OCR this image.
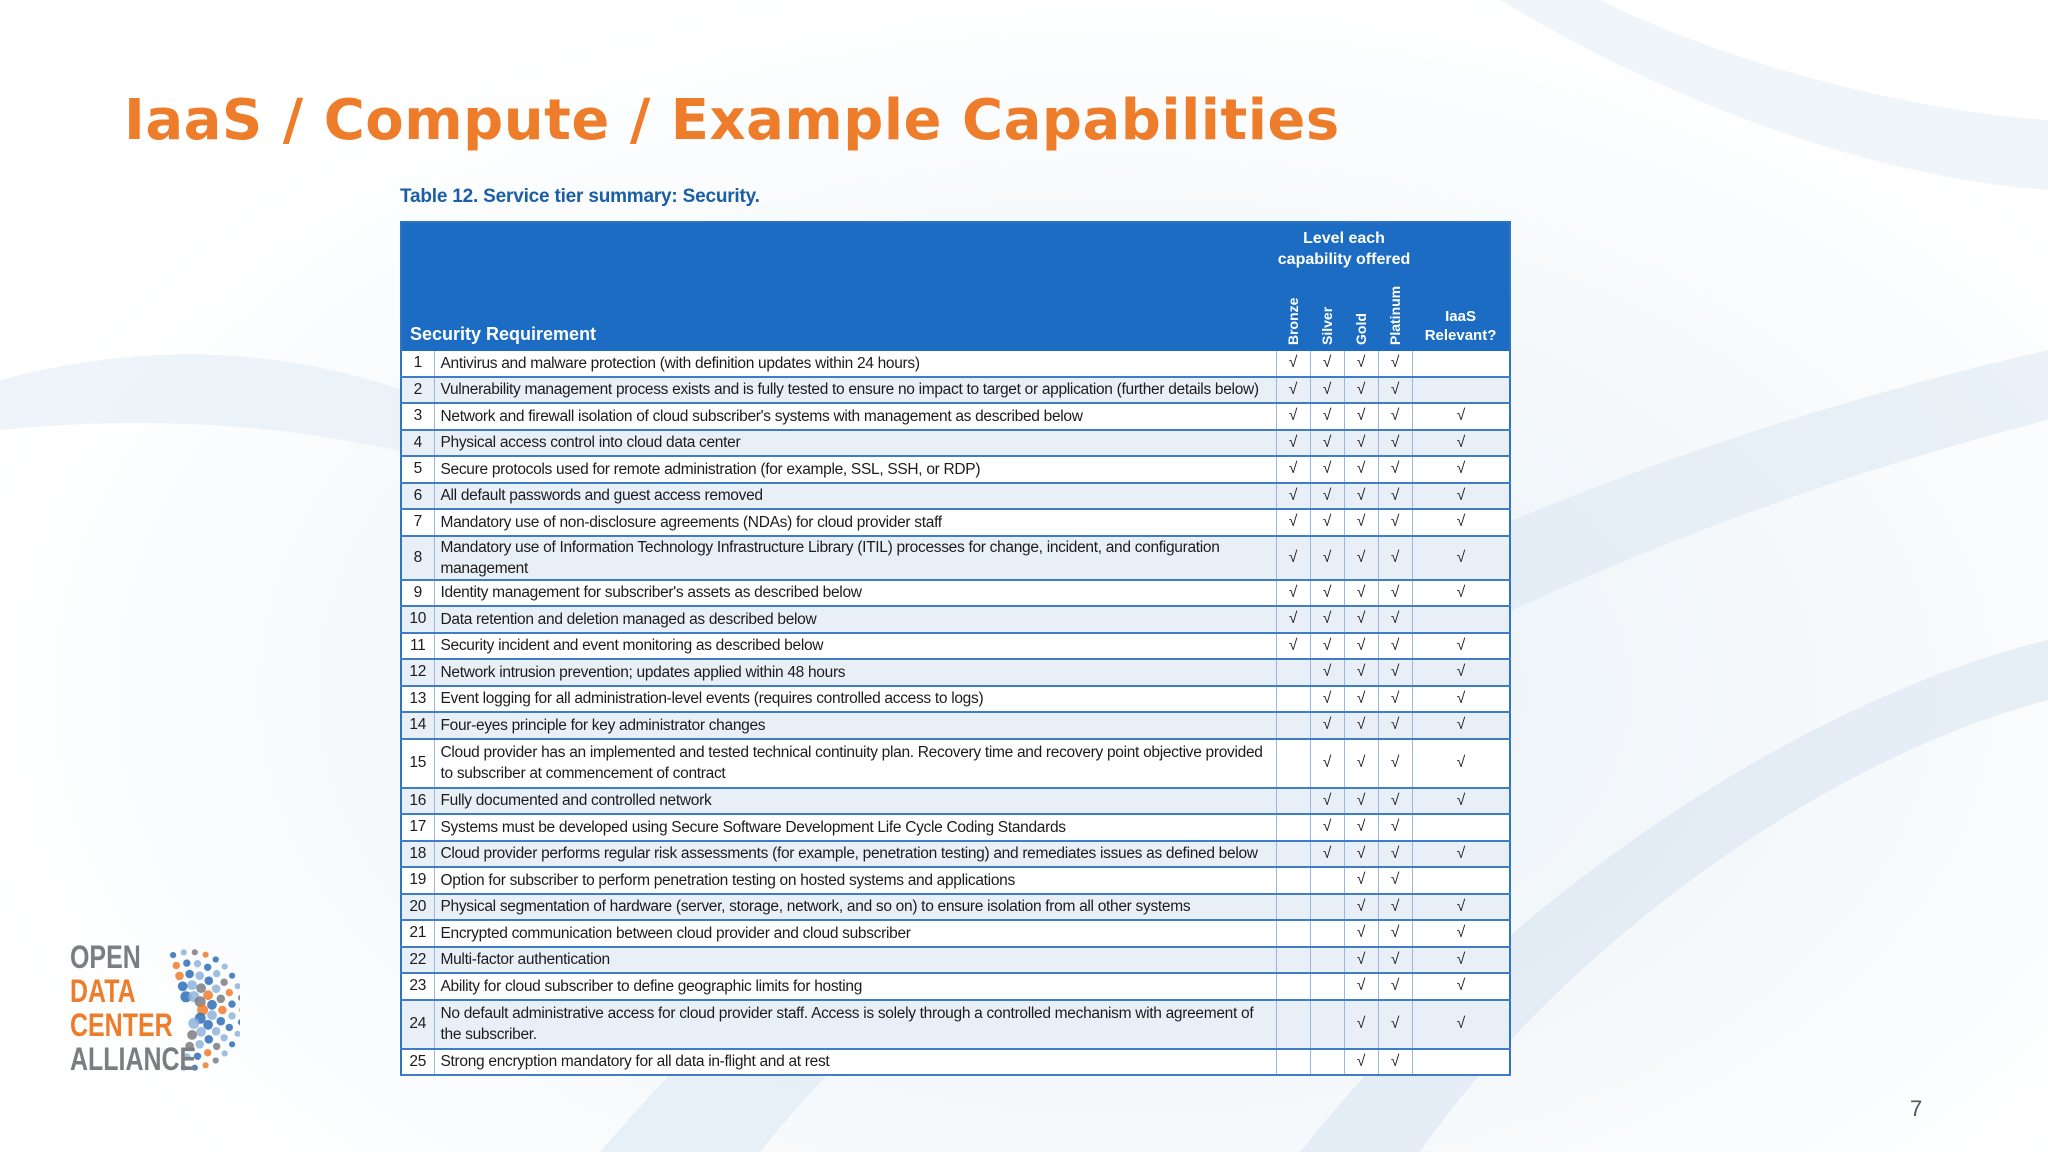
IaaS / Compute / Example Capabilities
Table 12. Service tier summary: Security.

		Level each
capability offered				

Security Requirement		Bronze	Silver	Gold	Platinum	IaaS
Relevant?

1	Antivirus and malware protection (with definition updates within 24 hours)	√	√	√	√	
2	Vulnerability management process exists and is fully tested to ensure no impact to target or application (further details below)	√	√	√	√	
3	Network and firewall isolation of cloud subscriber's systems with management as described below	√	√	√	√	√
4	Physical access control into cloud data center	√	√	√	√	√
5	Secure protocols used for remote administration (for example, SSL, SSH, or RDP)	√	√	√	√	√
6	All default passwords and guest access removed	√	√	√	√	√
7	Mandatory use of non-disclosure agreements (NDAs) for cloud provider staff	√	√	√	√	√
8	Mandatory use of Information Technology Infrastructure Library (ITIL) processes for change, incident, and configuration management	√	√	√	√	√
9	Identity management for subscriber's assets as described below	√	√	√	√	√
10	Data retention and deletion managed as described below	√	√	√	√	
11	Security incident and event monitoring as described below	√	√	√	√	√
12	Network intrusion prevention; updates applied within 48 hours		√	√	√	√
13	Event logging for all administration-level events (requires controlled access to logs)		√	√	√	√
14	Four-eyes principle for key administrator changes		√	√	√	√
15	Cloud provider has an implemented and tested technical continuity plan. Recovery time and recovery point objective provided to subscriber at commencement of contract		√	√	√	√
16	Fully documented and controlled network		√	√	√	√
17	Systems must be developed using Secure Software Development Life Cycle Coding Standards		√	√	√	
18	Cloud provider performs regular risk assessments (for example, penetration testing) and remediates issues as defined below		√	√	√	√
19	Option for subscriber to perform penetration testing on hosted systems and applications			√	√	
20	Physical segmentation of hardware (server, storage, network, and so on) to ensure isolation from all other systems			√	√	√
21	Encrypted communication between cloud provider and cloud subscriber			√	√	√
22	Multi-factor authentication			√	√	√
23	Ability for cloud subscriber to define geographic limits for hosting			√	√	√
24	No default administrative access for cloud provider staff. Access is solely through a controlled mechanism with agreement of the subscriber.			√	√	√
25	Strong encryption mandatory for all data in-flight and at rest			√	√	
OPEN
DATA
CENTER
ALLIANCE
7
